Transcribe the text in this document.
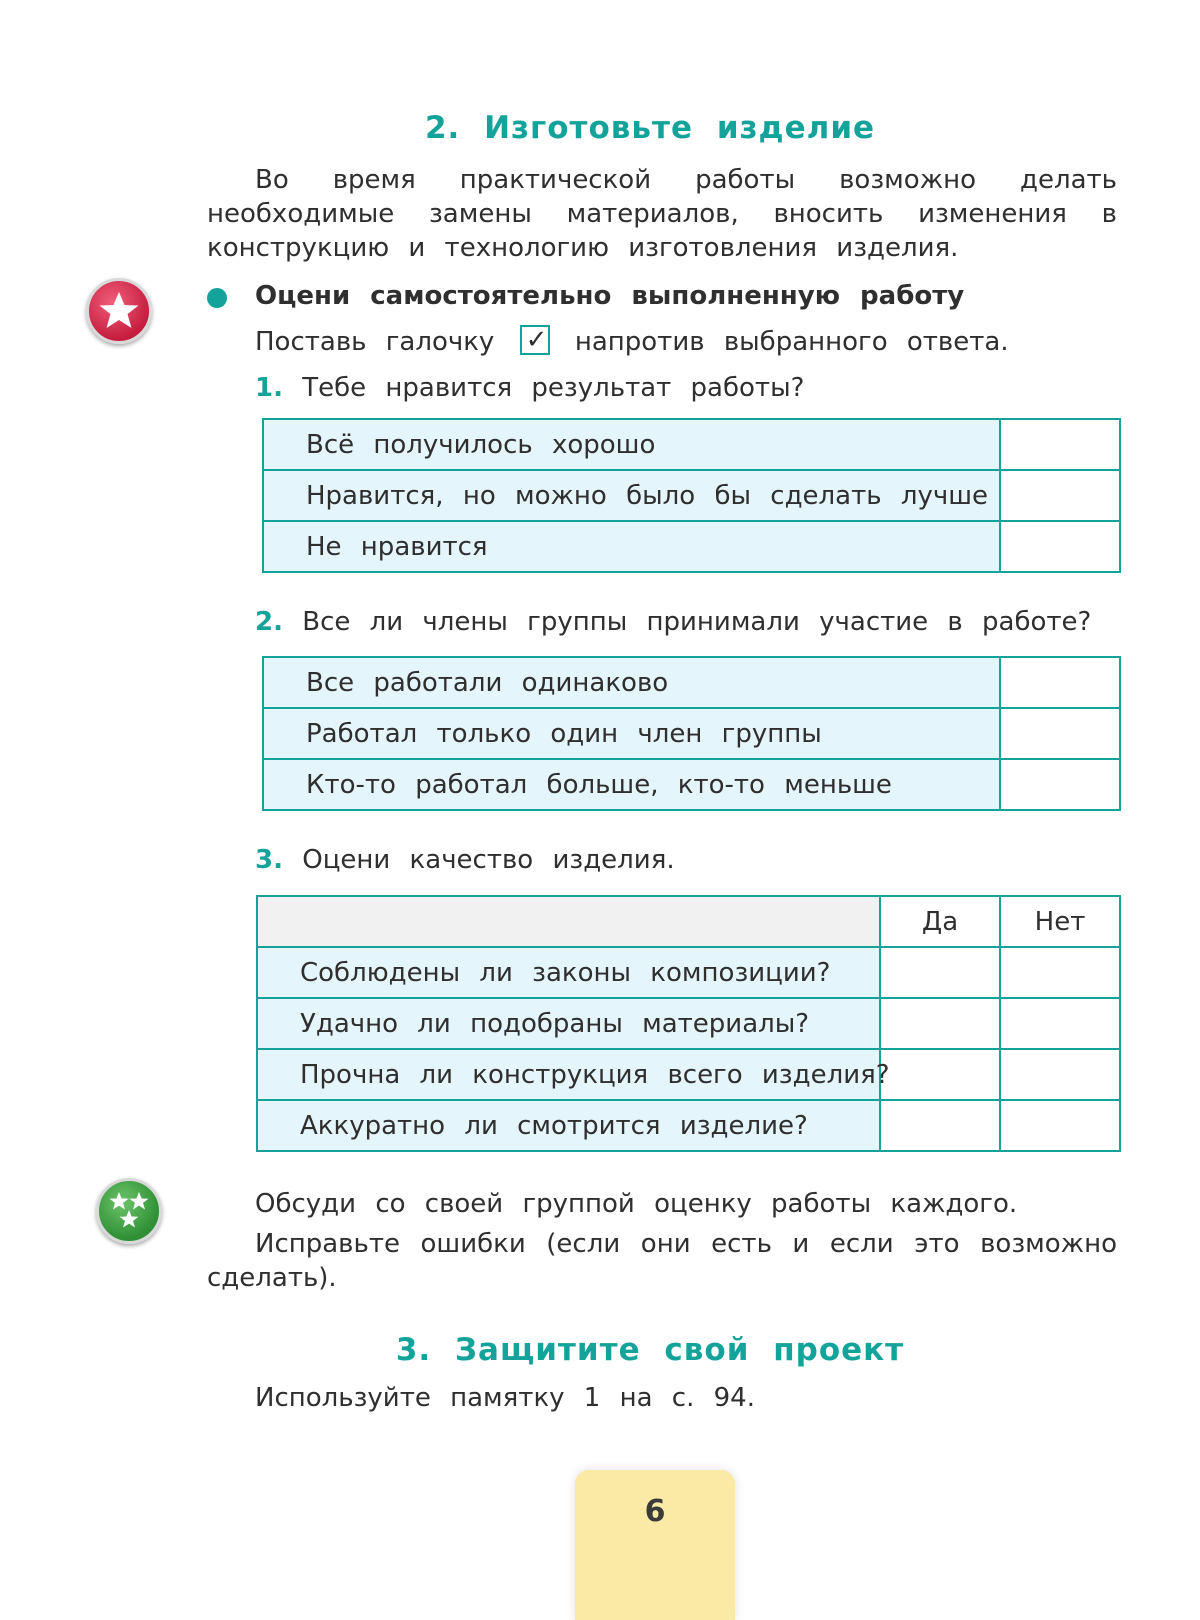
2. Изготовьте изделие
Во время практической работы возможно делать необходимые замены материалов, вносить изменения в конструкцию и технологию изготовления изделия.
Оцени самостоятельно выполненную работу
Поставь галочку ✓ напротив выбранного ответа.
1. Тебе нравится результат работы?
Всё получилось хорошо	
Нравится, но можно было бы сделать лучше	
Не нравится	
2. Все ли члены группы принимали участие в работе?
Все работали одинаково	
Работал только один член группы	
Кто-то работал больше, кто-то меньше	
3. Оцени качество изделия.
	Да	Нет
Соблюдены ли законы композиции?		
Удачно ли подобраны материалы?		
Прочна ли конструкция всего изделия?		
Аккуратно ли смотрится изделие?		
Обсуди со своей группой оценку работы каждого.
Исправьте ошибки (если они есть и если это возможно сделать).
3. Защитите свой проект
Используйте памятку 1 на с. 94.
6
